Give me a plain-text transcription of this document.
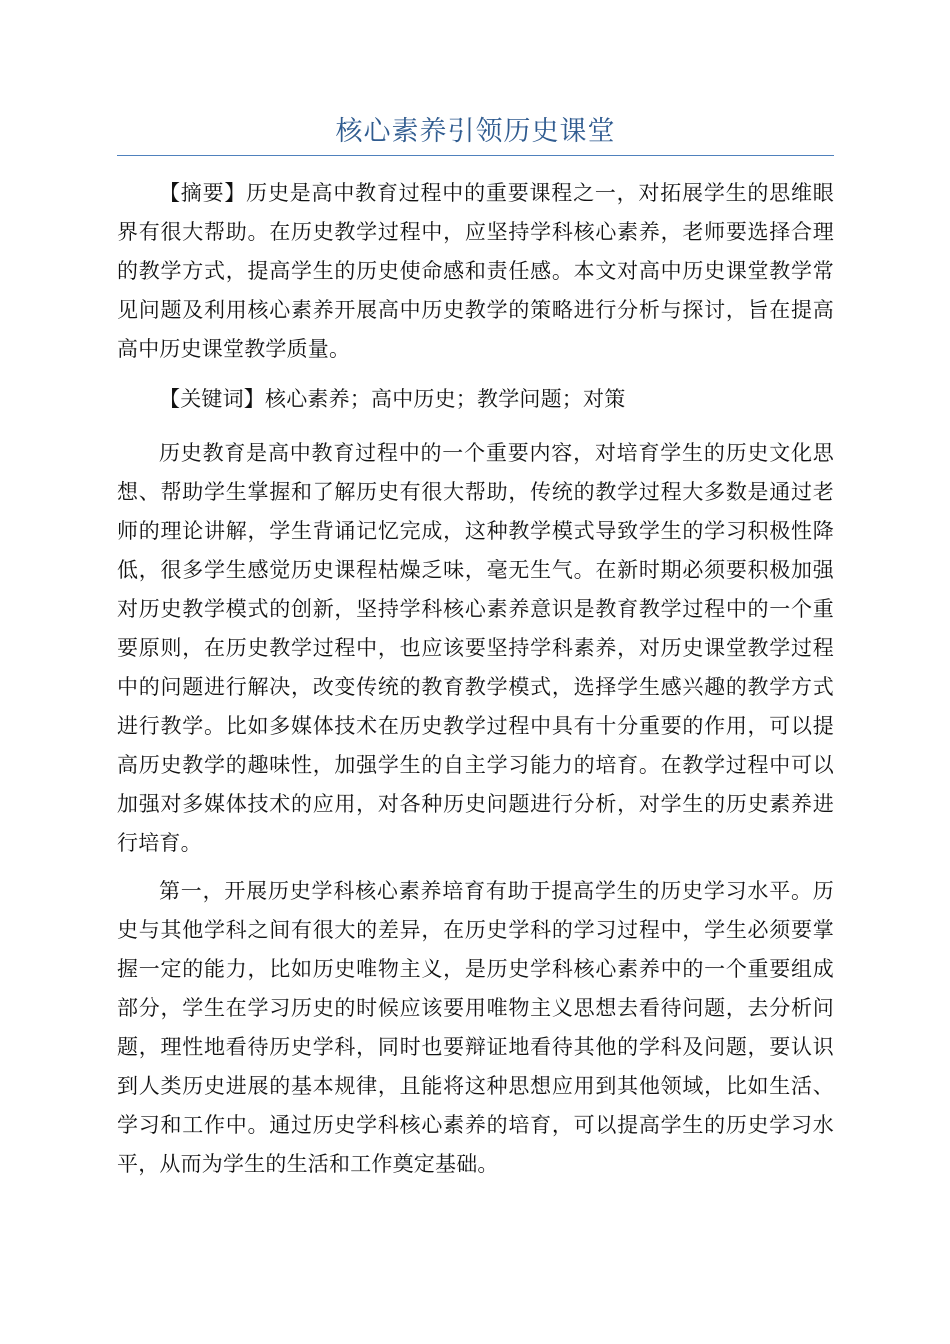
核心素养引领历史课堂

【摘要】历史是高中教育过程中的重要课程之一，对拓展学生的思维眼界有很大帮助。在历史教学过程中，应坚持学科核心素养，老师要选择合理的教学方式，提高学生的历史使命感和责任感。本文对高中历史课堂教学常见问题及利用核心素养开展高中历史教学的策略进行分析与探讨，旨在提高高中历史课堂教学质量。

【关键词】核心素养；高中历史；教学问题；对策

历史教育是高中教育过程中的一个重要内容，对培育学生的历史文化思想、帮助学生掌握和了解历史有很大帮助，传统的教学过程大多数是通过老师的理论讲解，学生背诵记忆完成，这种教学模式导致学生的学习积极性降低，很多学生感觉历史课程枯燥乏味，毫无生气。在新时期必须要积极加强对历史教学模式的创新，坚持学科核心素养意识是教育教学过程中的一个重要原则，在历史教学过程中，也应该要坚持学科素养，对历史课堂教学过程中的问题进行解决，改变传统的教育教学模式，选择学生感兴趣的教学方式进行教学。比如多媒体技术在历史教学过程中具有十分重要的作用，可以提高历史教学的趣味性，加强学生的自主学习能力的培育。在教学过程中可以加强对多媒体技术的应用，对各种历史问题进行分析，对学生的历史素养进行培育。

第一，开展历史学科核心素养培育有助于提高学生的历史学习水平。历史与其他学科之间有很大的差异，在历史学科的学习过程中，学生必须要掌握一定的能力，比如历史唯物主义，是历史学科核心素养中的一个重要组成部分，学生在学习历史的时候应该要用唯物主义思想去看待问题，去分析问题，理性地看待历史学科，同时也要辩证地看待其他的学科及问题，要认识到人类历史进展的基本规律，且能将这种思想应用到其他领域，比如生活、学习和工作中。通过历史学科核心素养的培育，可以提高学生的历史学习水平，从而为学生的生活和工作奠定基础。
